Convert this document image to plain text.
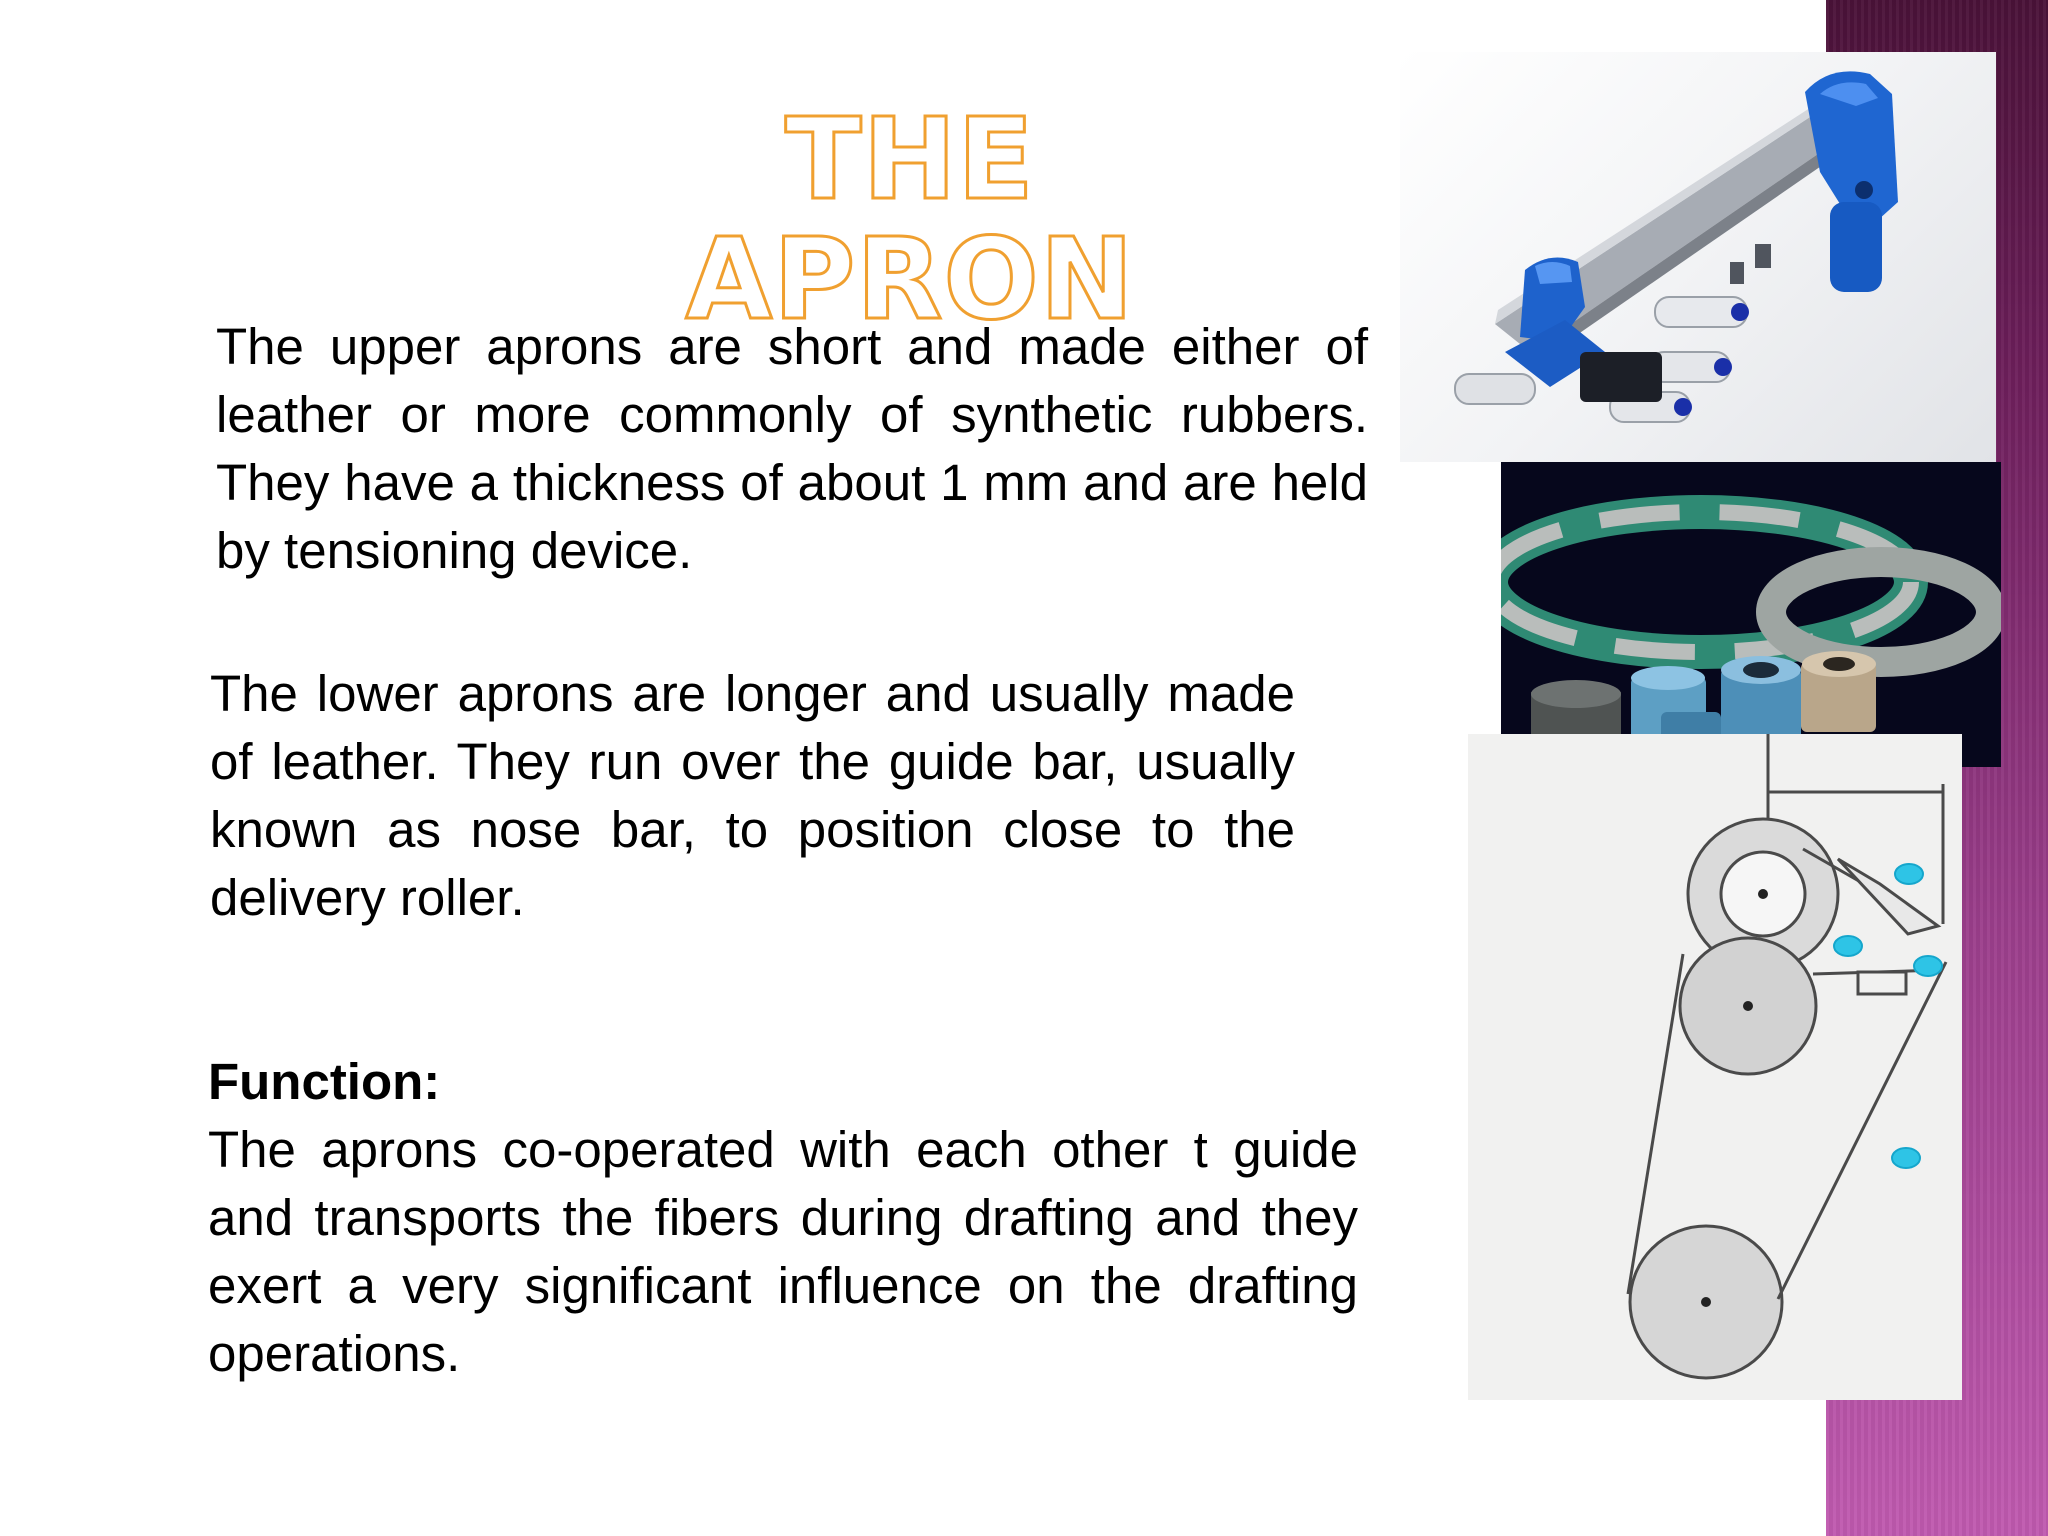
THE APRON

The upper aprons are short and made either of leather or more commonly of synthetic rubbers. They have a thickness of about 1 mm and are held by tensioning device.

The lower aprons are longer and usually made of leather. They run over the guide bar, usually known as nose bar, to position close to the delivery roller.

Function:

The aprons co-operated with each other t guide and transports the fibers during drafting and they exert a very significant influence on the drafting operations.
